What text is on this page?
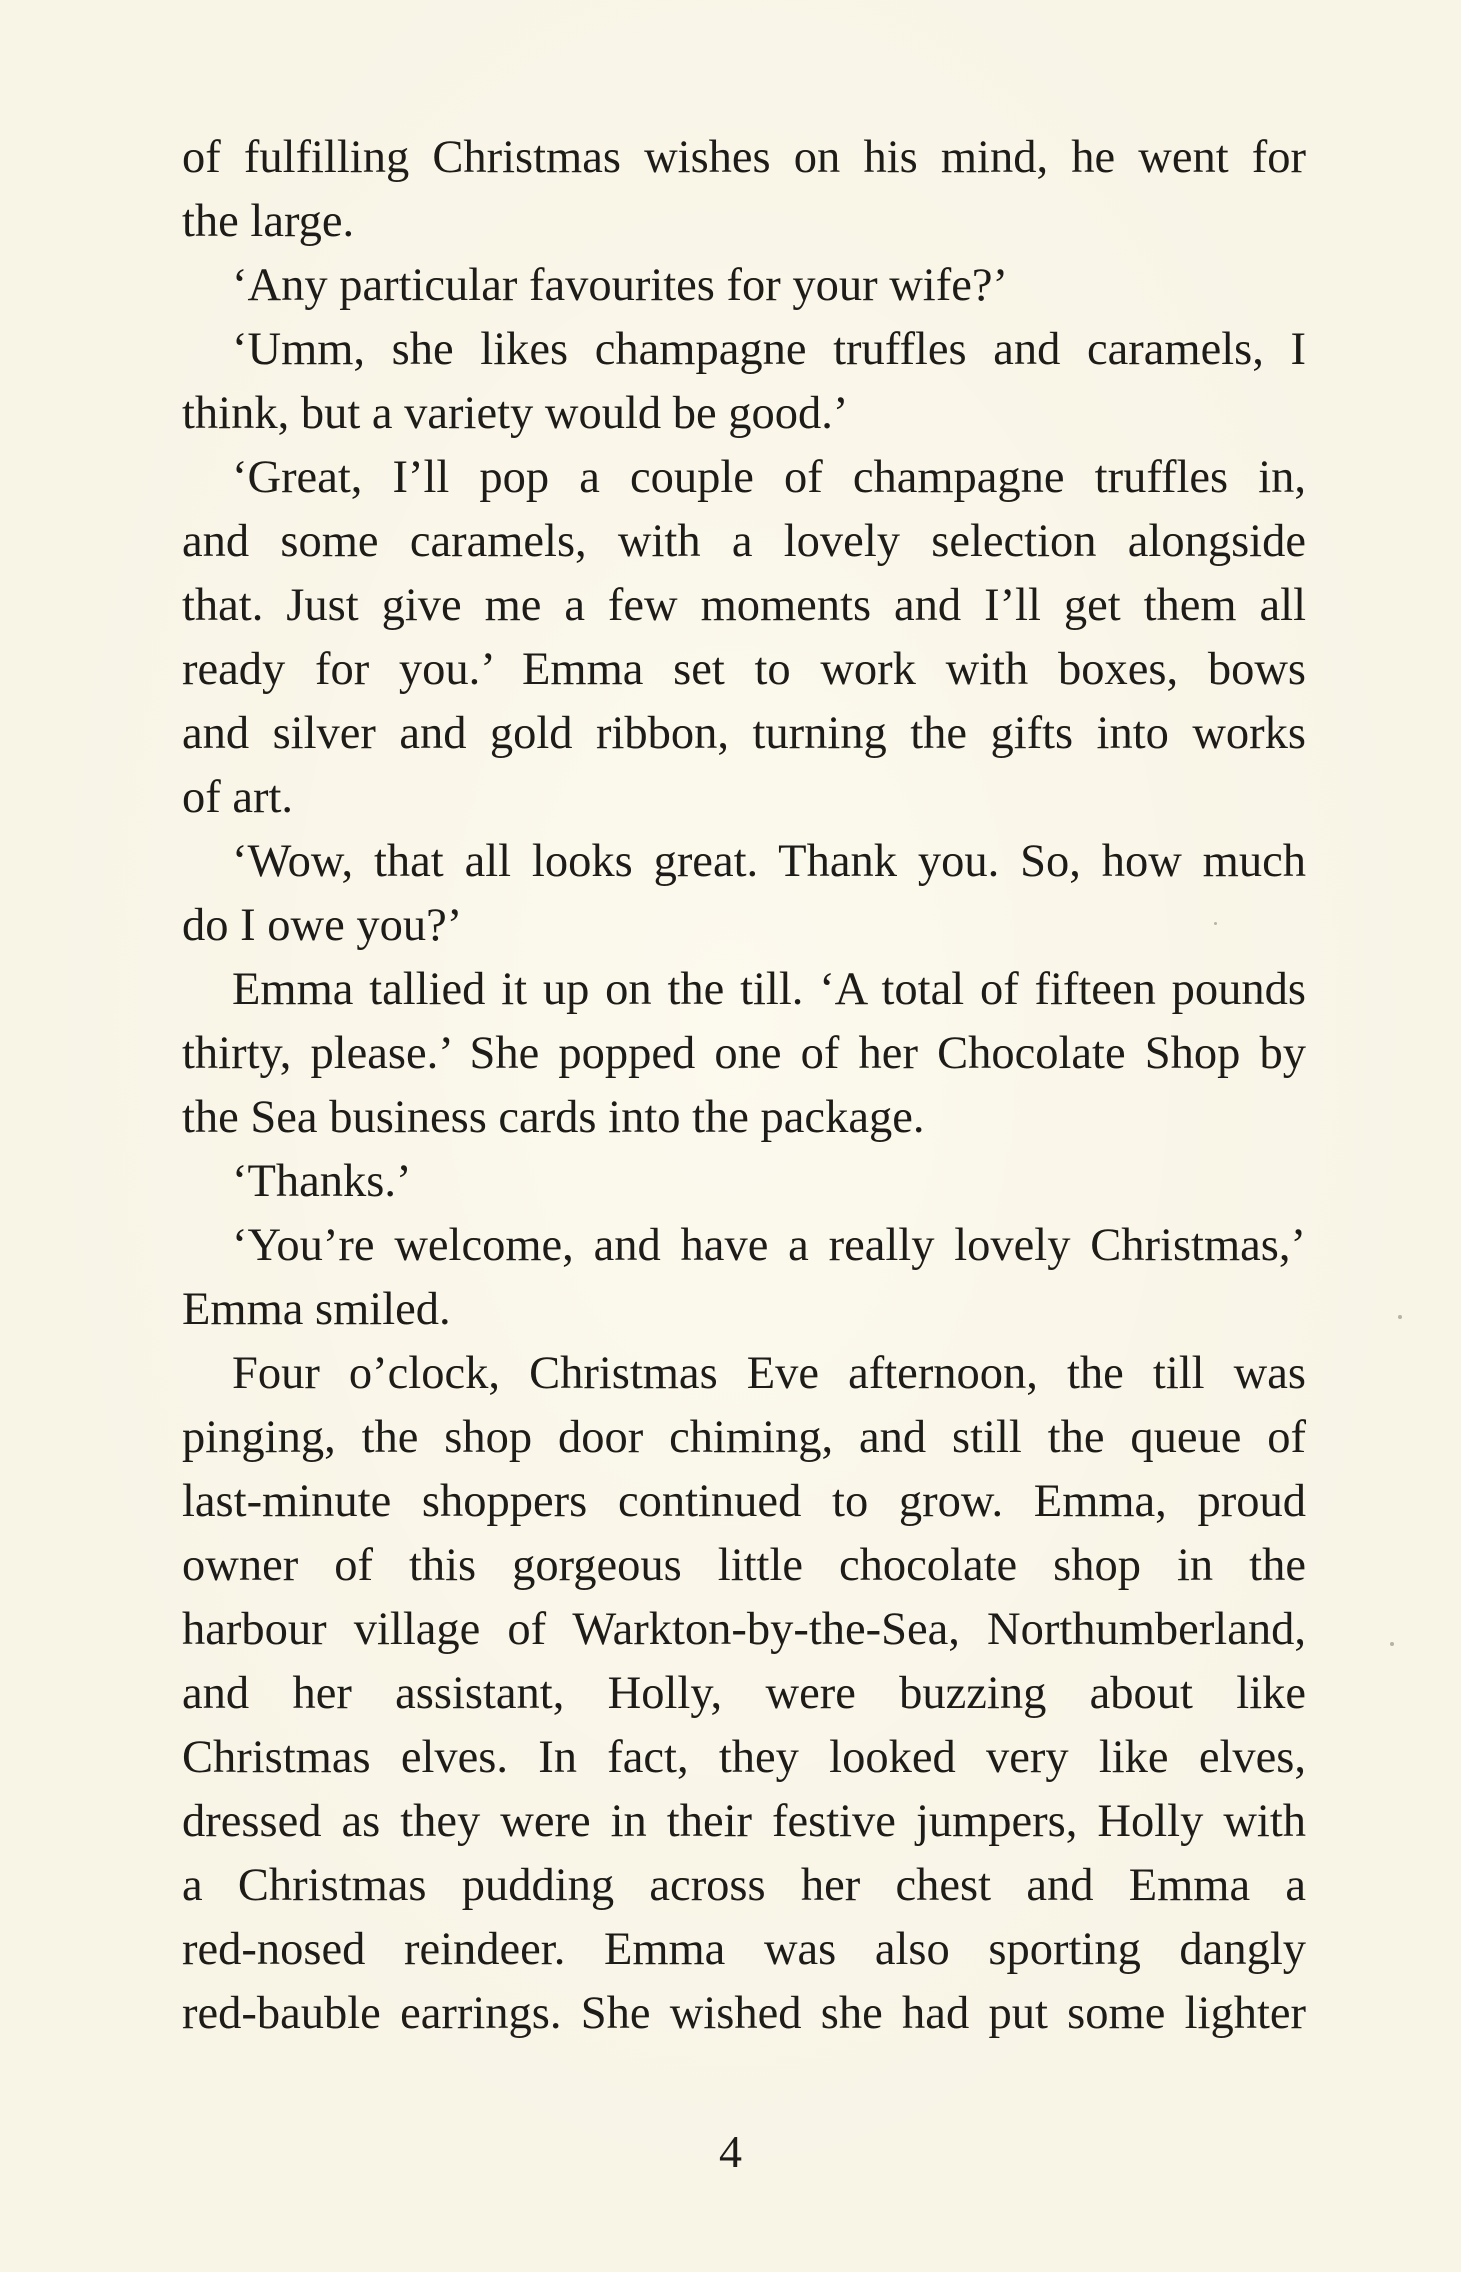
of fulfilling Christmas wishes on his mind, he went for
the large.
‘Any particular favourites for your wife?’
‘Umm, she likes champagne truffles and caramels, I
think, but a variety would be good.’
‘Great, I’ll pop a couple of champagne truffles in,
and some caramels, with a lovely selection alongside
that. Just give me a few moments and I’ll get them all
ready for you.’ Emma set to work with boxes, bows
and silver and gold ribbon, turning the gifts into works
of art.
‘Wow, that all looks great. Thank you. So, how much
do I owe you?’
Emma tallied it up on the till. ‘A total of fifteen pounds
thirty, please.’ She popped one of her Chocolate Shop by
the Sea business cards into the package.
‘Thanks.’
‘You’re welcome, and have a really lovely Christmas,’
Emma smiled.
Four o’clock, Christmas Eve afternoon, the till was
pinging, the shop door chiming, and still the queue of
last-minute shoppers continued to grow. Emma, proud
owner of this gorgeous little chocolate shop in the
harbour village of Warkton-by-the-Sea, Northumberland,
and her assistant, Holly, were buzzing about like
Christmas elves. In fact, they looked very like elves,
dressed as they were in their festive jumpers, Holly with
a Christmas pudding across her chest and Emma a
red-nosed reindeer. Emma was also sporting dangly
red-bauble earrings. She wished she had put some lighter
4
